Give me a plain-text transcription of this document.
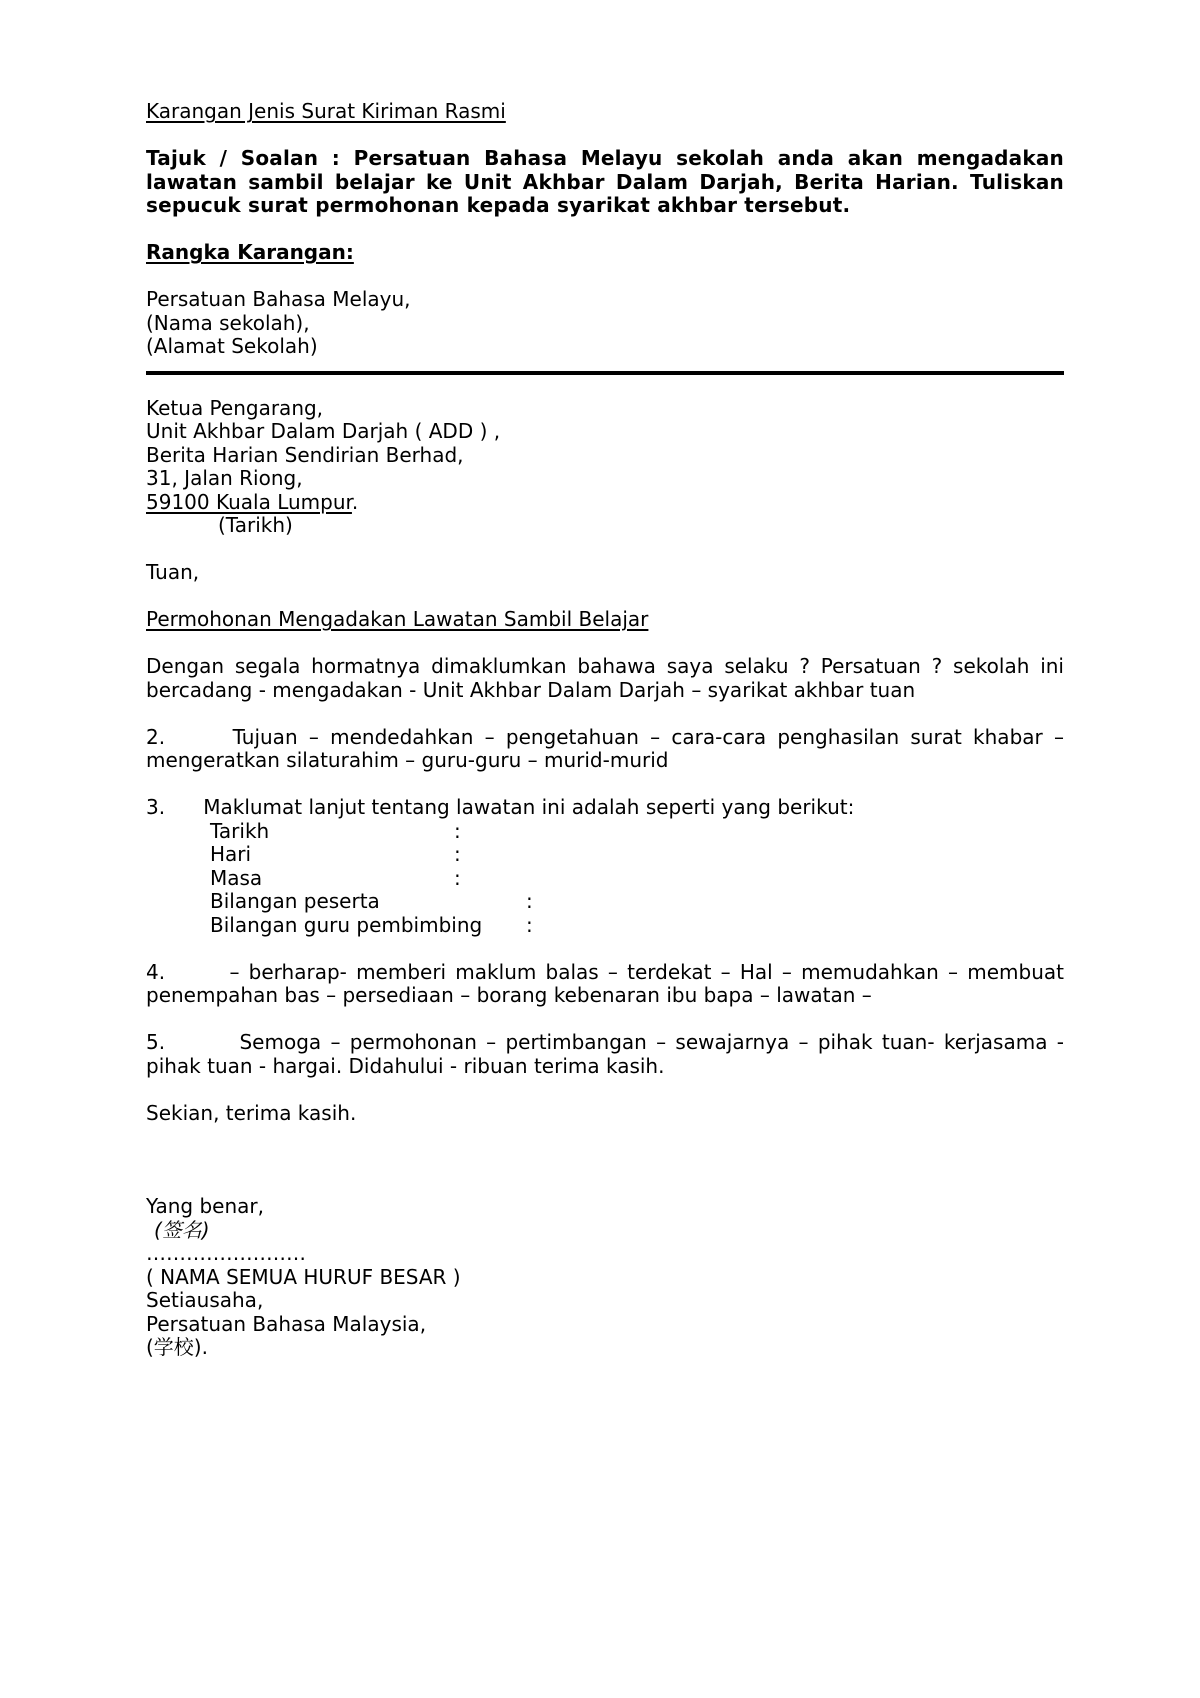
Karangan Jenis Surat Kiriman Rasmi
Tajuk / Soalan : Persatuan Bahasa Melayu sekolah anda akan mengadakan lawatan sambil belajar ke Unit Akhbar Dalam Darjah, Berita Harian. Tuliskan sepucuk surat permohonan kepada syarikat akhbar tersebut.
Rangka Karangan:
Persatuan Bahasa Melayu,
(Nama sekolah),
(Alamat Sekolah)
Ketua Pengarang,
Unit Akhbar Dalam Darjah ( ADD ) ,
Berita Harian Sendirian Berhad,
31, Jalan Riong,
59100 Kuala Lumpur.
(Tarikh)
Tuan,
Permohonan Mengadakan Lawatan Sambil Belajar
Dengan segala hormatnya dimaklumkan bahawa saya selaku ? Persatuan ? sekolah ini bercadang - mengadakan - Unit Akhbar Dalam Darjah – syarikat akhbar tuan
2.      Tujuan – mendedahkan – pengetahuan – cara-cara penghasilan surat khabar – mengeratkan silaturahim – guru-guru – murid-murid
3.      Maklumat lanjut tentang lawatan ini adalah seperti yang berikut:
Tarikh	:
Hari	:
Masa	:
Bilangan peserta	:
Bilangan guru pembimbing :
4.       – berharap- memberi maklum balas – terdekat – Hal – memudahkan – membuat penempahan bas – persediaan – borang kebenaran ibu bapa – lawatan –
5.        Semoga – permohonan – pertimbangan – sewajarnya – pihak tuan- kerjasama - pihak tuan - hargai. Didahului - ribuan terima kasih.
Sekian, terima kasih.
Yang benar,
(签名)
……………………
( NAMA SEMUA HURUF BESAR )
Setiausaha,
Persatuan Bahasa Malaysia,
(学校).
